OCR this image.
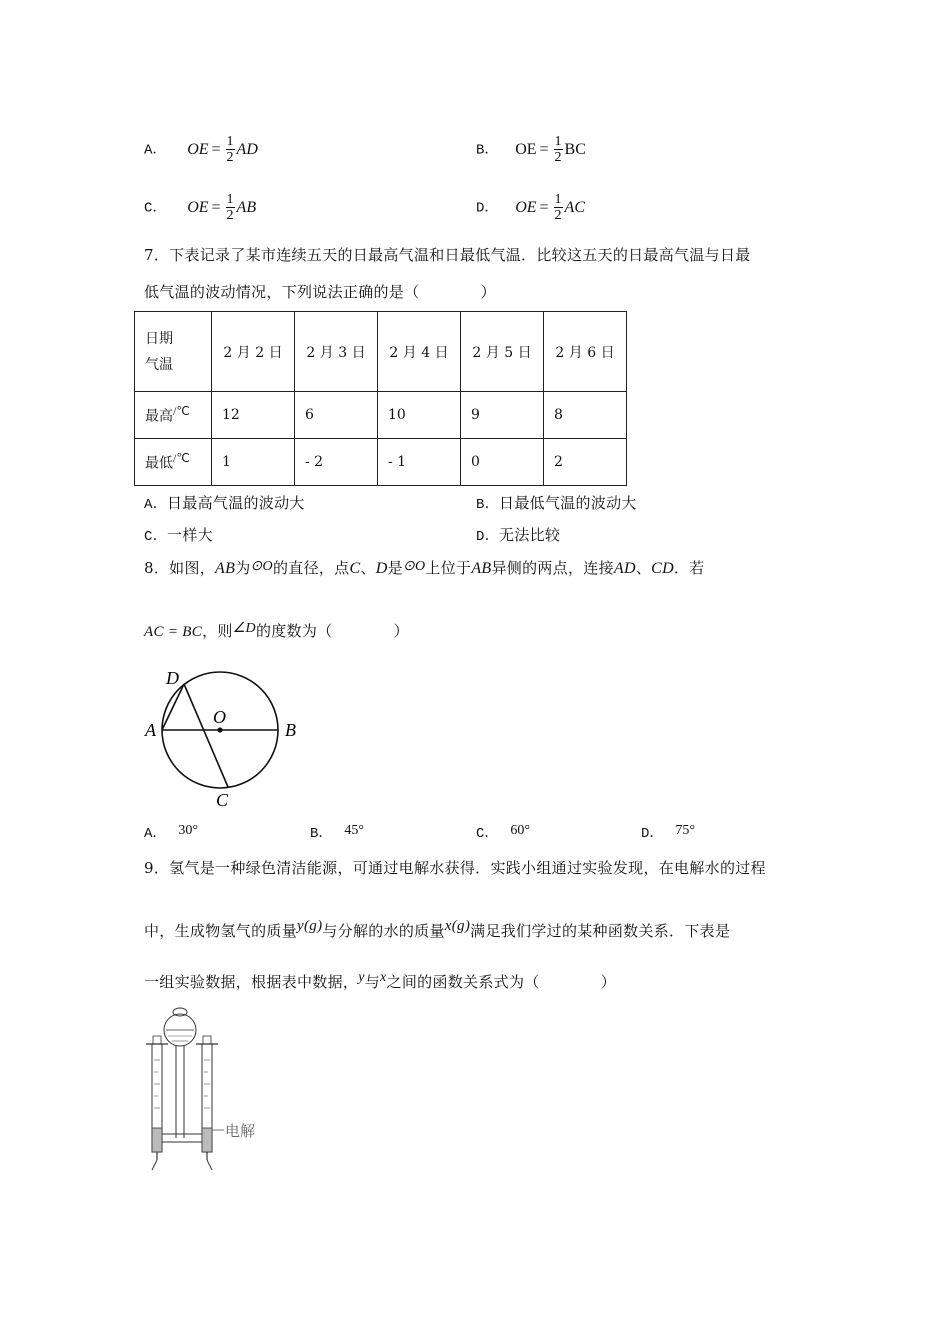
A． OE = $\frac{1}{2}$ AD	B． OE = $\frac{1}{2}$ BC
C． OE = $\frac{1}{2}$ AB	D． OE = $\frac{1}{2}$ AC
7．下表记录了某市连续五天的日最高气温和日最低气温．比较这五天的日最高气温与日最
低气温的波动情况，下列说法正确的是（　　　　）
日期
气温	2 月 2 日	2 月 3 日	2 月 4 日	2 月 5 日	2 月 6 日
最高/℃	12	6	10	9	8
最低/℃	1	- 2	- 1	0	2
A．日最高气温的波动大	B．日最低气温的波动大
C．一样大	D．无法比较
8．如图，AB为⊙O的直径，点C、D是⊙O上位于AB异侧的两点，连接AD、CD．若
AC = BC，则∠D的度数为（　　　　）
D
A
O
B
C
A． 30°	B． 45°	C． 60°	D． 75°
9．氢气是一种绿色清洁能源，可通过电解水获得．实践小组通过实验发现，在电解水的过程
中，生成物氢气的质量y(g)与分解的水的质量x(g)满足我们学过的某种函数关系．下表是
一组实验数据，根据表中数据，y与x之间的函数关系式为（　　　　）
电解
